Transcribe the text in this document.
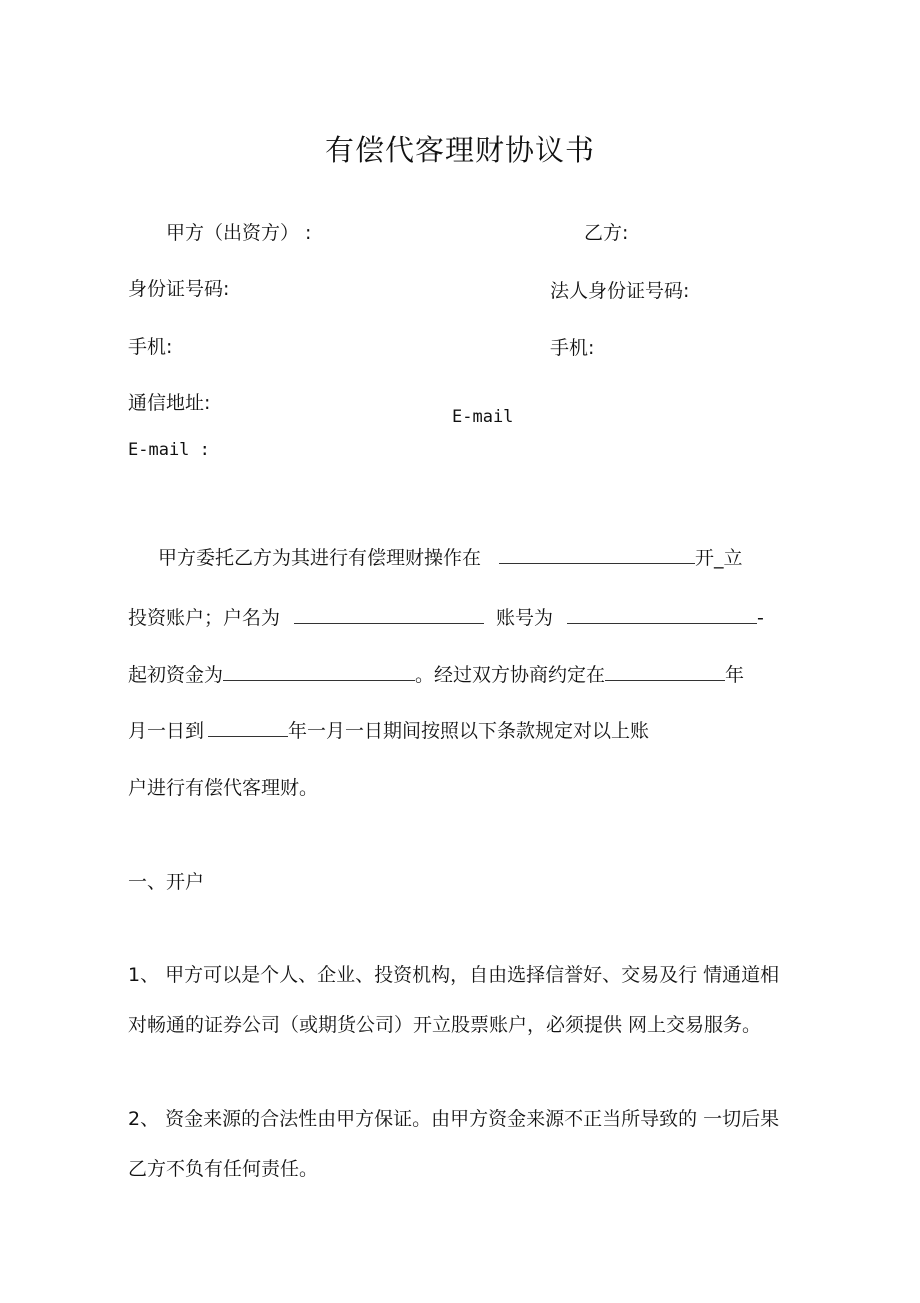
有偿代客理财协议书
甲方（出资方） :	乙方:
身份证号码:	法人身份证号码:
手机:	手机:
通信地址:
E-mail
E-mail :
甲方委托乙方为其进行有偿理财操作在	开_立
投资账户；户名为	账号为	-
起初资金为	。经过双方协商约定在	年
月一日到	年一月一日期间按照以下条款规定对以上账
户进行有偿代客理财。
一、开户
1、 甲方可以是个人、企业、投资机构，自由选择信誉好、交易及行 情通道相
对畅通的证券公司（或期货公司）开立股票账户，必须提供 网上交易服务。
2、 资金来源的合法性由甲方保证。由甲方资金来源不正当所导致的 一切后果
乙方不负有任何责任。
